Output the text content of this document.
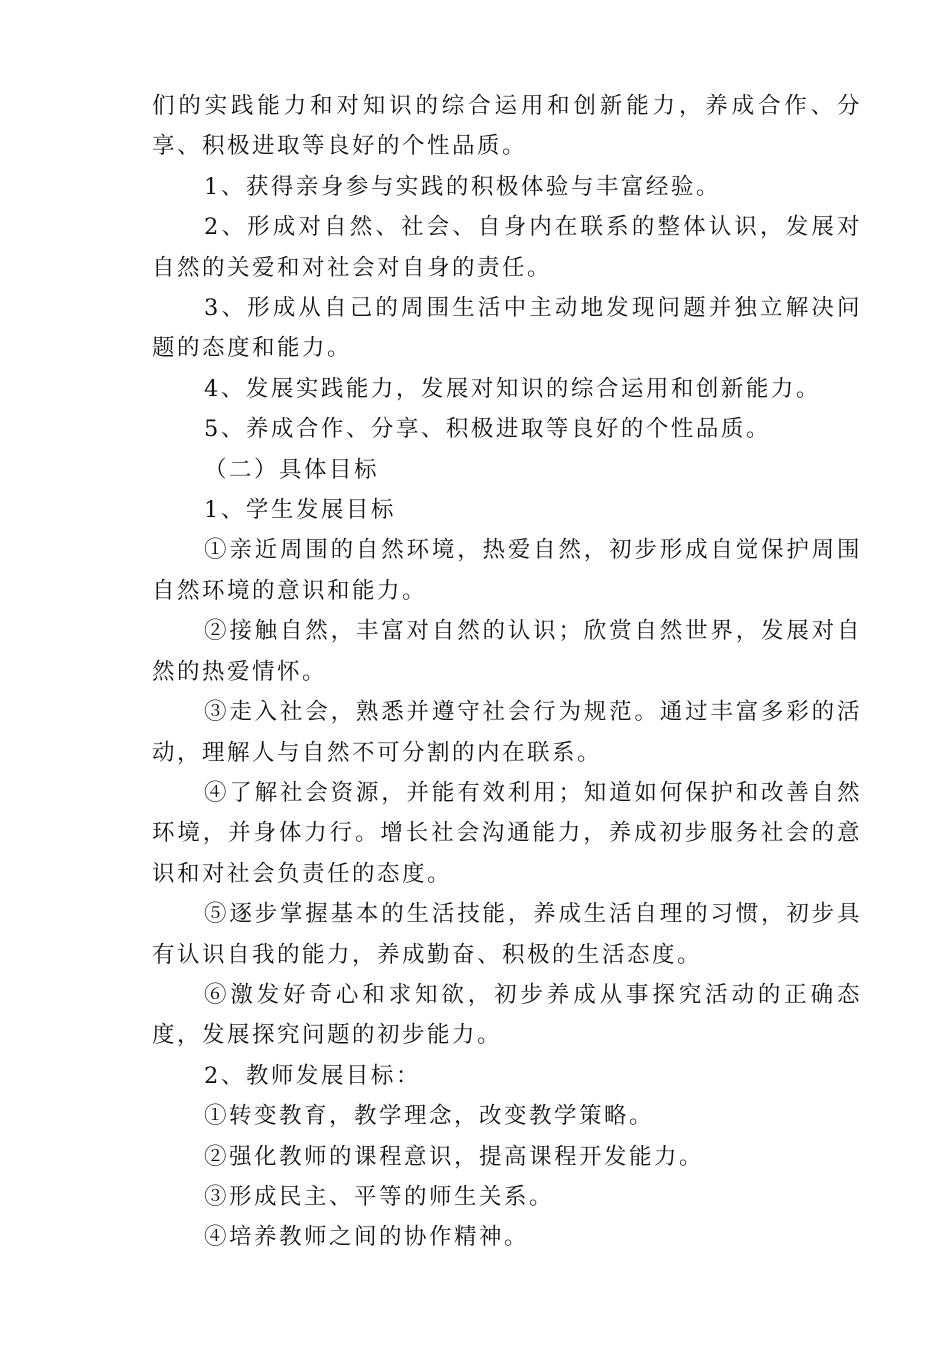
们的实践能力和对知识的综合运用和创新能力，养成合作、分享、积极进取等良好的个性品质。

1、获得亲身参与实践的积极体验与丰富经验。

2、形成对自然、社会、自身内在联系的整体认识，发展对自然的关爱和对社会对自身的责任。

3、形成从自己的周围生活中主动地发现问题并独立解决问题的态度和能力。

4、发展实践能力，发展对知识的综合运用和创新能力。

5、养成合作、分享、积极进取等良好的个性品质。

（二）具体目标

1、学生发展目标

①亲近周围的自然环境，热爱自然，初步形成自觉保护周围自然环境的意识和能力。

②接触自然，丰富对自然的认识；欣赏自然世界，发展对自然的热爱情怀。

③走入社会，熟悉并遵守社会行为规范。通过丰富多彩的活动，理解人与自然不可分割的内在联系。

④了解社会资源，并能有效利用；知道如何保护和改善自然环境，并身体力行。增长社会沟通能力，养成初步服务社会的意识和对社会负责任的态度。

⑤逐步掌握基本的生活技能，养成生活自理的习惯，初步具有认识自我的能力，养成勤奋、积极的生活态度。

⑥激发好奇心和求知欲，初步养成从事探究活动的正确态度，发展探究问题的初步能力。

2、教师发展目标：

①转变教育，教学理念，改变教学策略。

②强化教师的课程意识，提高课程开发能力。

③形成民主、平等的师生关系。

④培养教师之间的协作精神。
